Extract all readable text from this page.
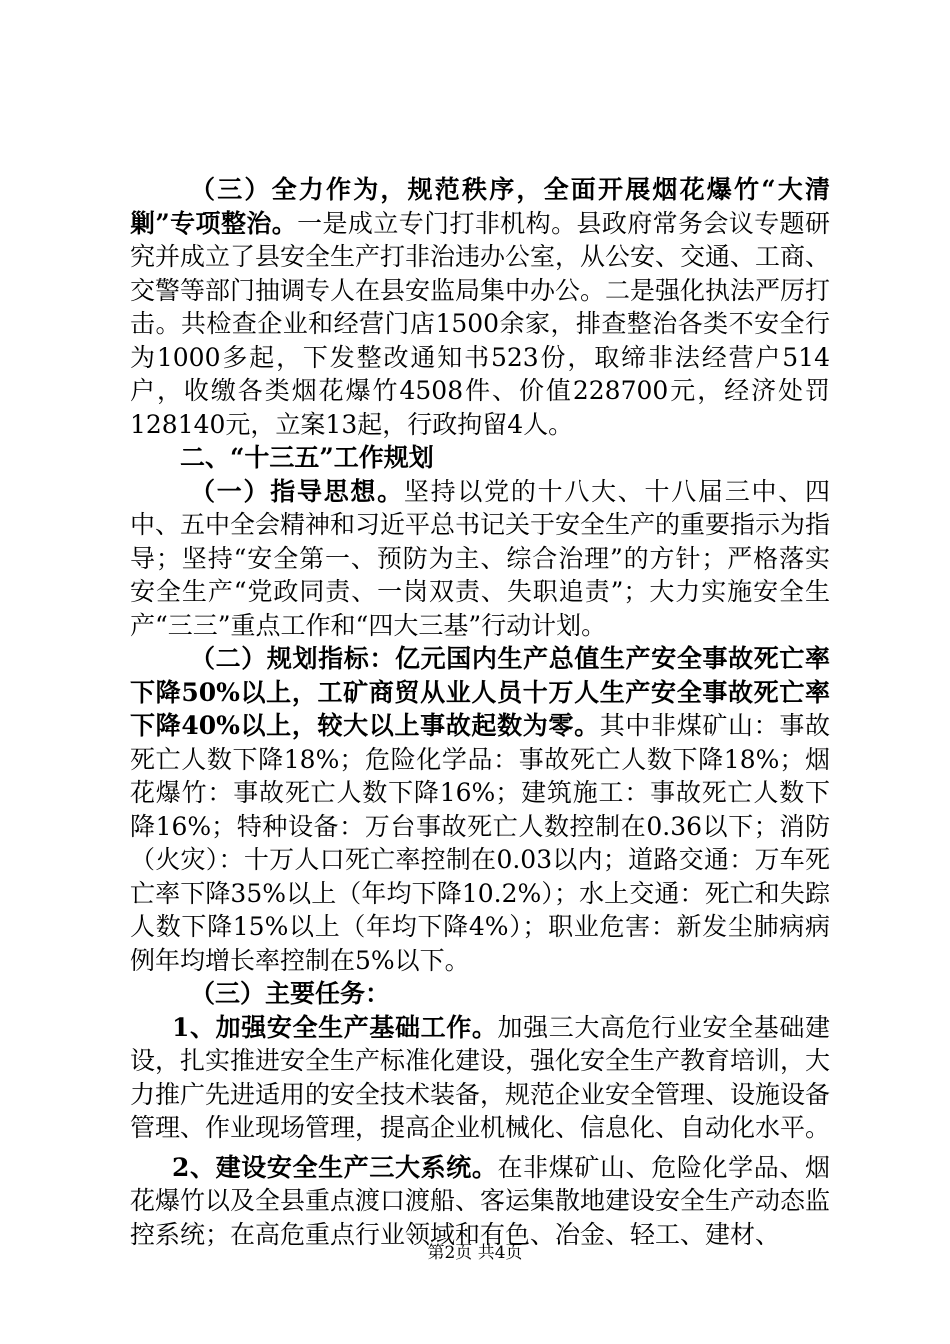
（三）全力作为，规范秩序，全面开展烟花爆竹“大清剿”专项整治。一是成立专门打非机构。县政府常务会议专题研究并成立了县安全生产打非治违办公室，从公安、交通、工商、交警等部门抽调专人在县安监局集中办公。二是强化执法严厉打击。共检查企业和经营门店1500余家，排查整治各类不安全行为1000多起，下发整改通知书523份，取缔非法经营户514户，收缴各类烟花爆竹4508件、价值228700元，经济处罚128140元，立案13起，行政拘留4人。

二、“十三五”工作规划

（一）指导思想。坚持以党的十八大、十八届三中、四中、五中全会精神和习近平总书记关于安全生产的重要指示为指导；坚持“安全第一、预防为主、综合治理”的方针；严格落实安全生产“党政同责、一岗双责、失职追责”；大力实施安全生产“三三”重点工作和“四大三基”行动计划。

（二）规划指标：亿元国内生产总值生产安全事故死亡率下降50%以上，工矿商贸从业人员十万人生产安全事故死亡率下降40%以上，较大以上事故起数为零。其中非煤矿山：事故死亡人数下降18%；危险化学品：事故死亡人数下降18%；烟花爆竹：事故死亡人数下降16%；建筑施工：事故死亡人数下降16%；特种设备：万台事故死亡人数控制在0.36以下；消防（火灾）：十万人口死亡率控制在0.03以内；道路交通：万车死亡率下降35%以上（年均下降10.2%）；水上交通：死亡和失踪人数下降15%以上（年均下降4%）；职业危害：新发尘肺病病例年均增长率控制在5%以下。

（三）主要任务：

1、加强安全生产基础工作。加强三大高危行业安全基础建设，扎实推进安全生产标准化建设，强化安全生产教育培训，大力推广先进适用的安全技术装备，规范企业安全管理、设施设备管理、作业现场管理，提高企业机械化、信息化、自动化水平。

2、建设安全生产三大系统。在非煤矿山、危险化学品、烟花爆竹以及全县重点渡口渡船、客运集散地建设安全生产动态监控系统；在高危重点行业领域和有色、冶金、轻工、建材、

第2页 共4页
